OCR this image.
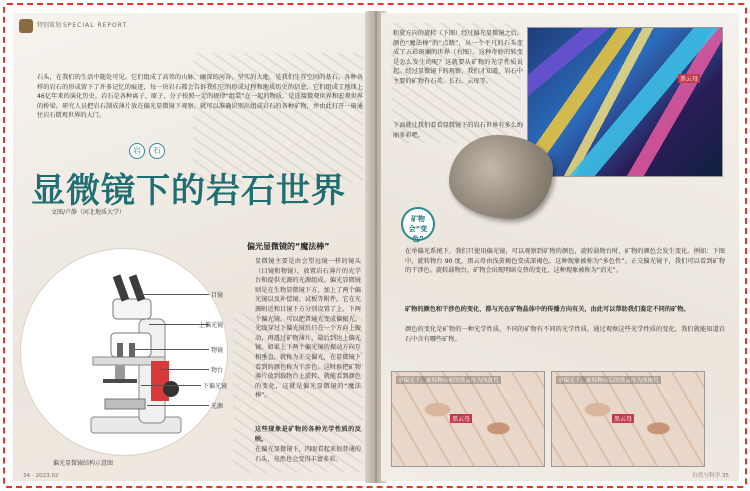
特别策划 SPECIAL REPORT
石头，在我们的生活中随处可见。它们组成了高耸的山脉、幽深的河谷、坚实的大地，是我们生存空间的基石。各种各样的岩石的形成留下了许多记忆的痕迹，每一块岩石都会告诉我们它的形成过程和地质历史的信息，它们组成了地球上46亿年来的演化历史。岩石是各种离子、原子、分子按照一定的规律“组装”在一起的物质，是连接微观世界和宏观世界的桥梁。研究人员把岩石制成薄片放在偏光显微镜下观察，就可以准确识别出组成岩石的各种矿物，并由此打开一扇通往岩石微观世界的大门。
岩	石
显微镜下的岩石世界
文图/卢静（河北地质大学）
目镜
上偏光镜
物镜
物台
下偏光镜
光源
偏光显微镜结构示意图
偏光显微镜的“魔法棒”
显微镜主要是由会望远镜一样的镜头（目镜和物镜），放置岩石薄片的光学台和提供光源的光源组成。偏光显微镜则是在生物显微镜下方，加上了两个偏光镜以及补偿镜、试板等附件。它在光源附近和目镜下方分别设置了上、下两个偏光镜，可以把普通光变成偏振光。光线穿过下偏光镜后只在一个方向上振动，再透过矿物薄片，最后到达上偏光镜。如果上下两个偏光镜的振动方向互相垂直，就称为正交偏光，在显微镜下看到的颜色称为干涉色。这时候把矿物薄片放到载物台上旋转，就能看到颜色的变化，这就是偏光显微镜的“魔法棒”。
这些现象是矿物的各种光学性质的反映。
在偏光显微镜下，肉眼看起来很普通的石头，竟然也会变得丰富多彩。
34 · 2023.02
和旋方向的旋转（下图）经过偏光显微镜之后，颜色“魔法棒”的“点睛”，从一个平凡的石头变成了五彩斑斓的世界（右图）。这种奇妙的转变是怎么发生的呢？这就要从矿物的光学性质说起。经过显微镜下的观察，我们才知道，岩石中主要的矿物有石英、长石、云母等。
下面就让我们看看显微镜下的岩石世界有多么绚丽多彩吧。
黑云母
矿物会“变色”
在单偏光系统下，我们只使用偏光镜，可以观察到矿物的颜色，旋转载物台时，矿物的颜色会发生变化。例如：下图中，旋转物台 90 度，黑云母由浅黄褐色变成深褐色，这种现象被称为“多色性”。正交偏光镜下，我们可以看到矿物的干涉色。旋转载物台，矿物会出现明暗交替的变化，这种现象被称为“消光”。
矿物的颜色和干涉色的变化，都与光在矿物晶体中的传播方向有关，由此可以帮助我们鉴定不同的矿物。
颜色的变化是矿物的一种光学性质，不同的矿物有不同的光学性质，通过观察这些光学性质的变化，我们就能知道岩石中含有哪些矿物。
单偏光下，旋转物台前的黑云母为浅黄色
黑云母
单偏光下，旋转物台后的黑云母为深褐色
黑云母
自然与科学 35
